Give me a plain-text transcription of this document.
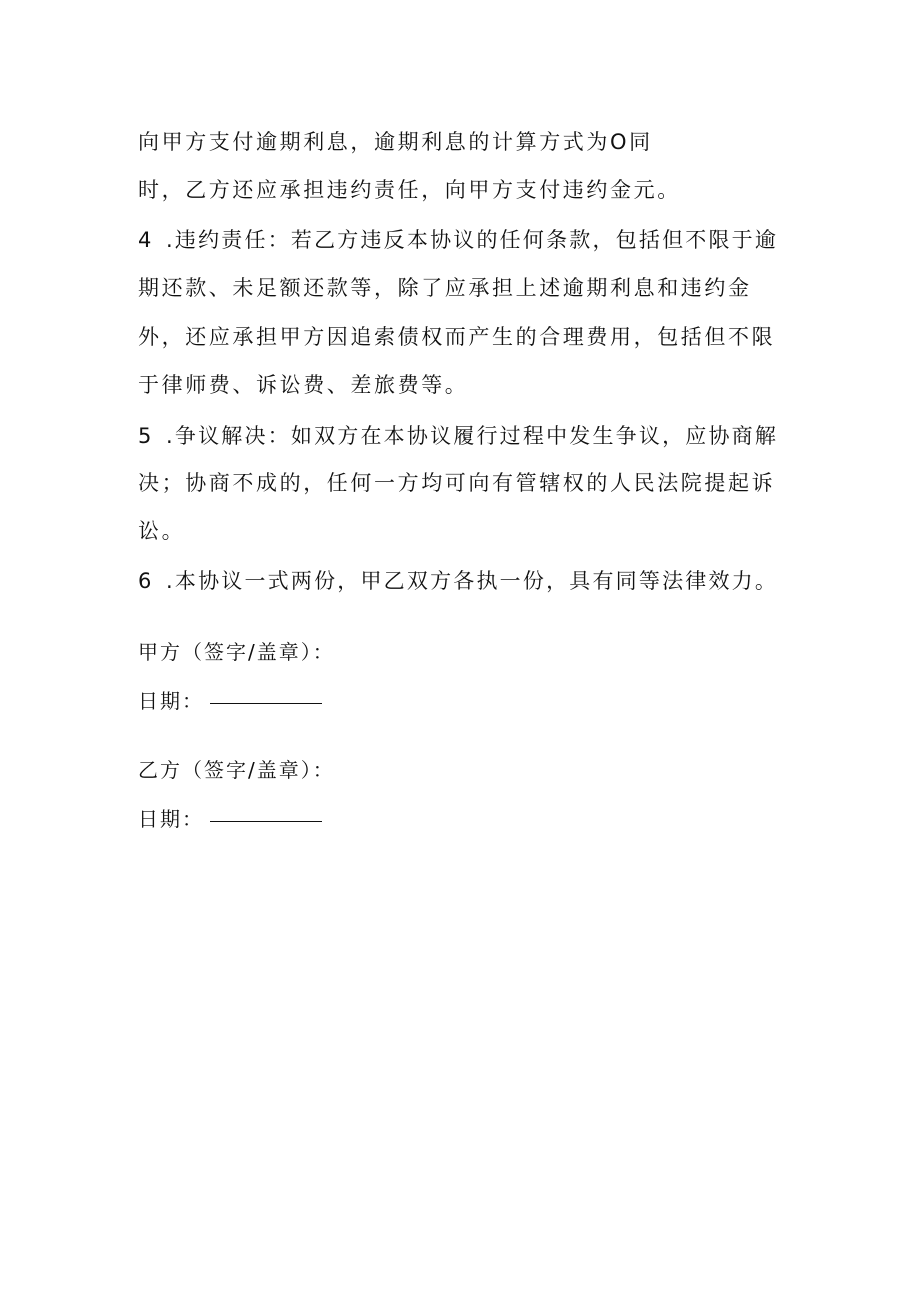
向甲方支付逾期利息，逾期利息的计算方式为O同
时，乙方还应承担违约责任，向甲方支付违约金元。
4 .违约责任：若乙方违反本协议的任何条款，包括但不限于逾
期还款、未足额还款等，除了应承担上述逾期利息和违约金
外，还应承担甲方因追索债权而产生的合理费用，包括但不限
于律师费、诉讼费、差旅费等。
5 .争议解决：如双方在本协议履行过程中发生争议，应协商解
决；协商不成的，任何一方均可向有管辖权的人民法院提起诉
讼。
6 .本协议一式两份，甲乙双方各执一份，具有同等法律效力。
甲方（签字/盖章）：
日期：
乙方（签字/盖章）：
日期：
